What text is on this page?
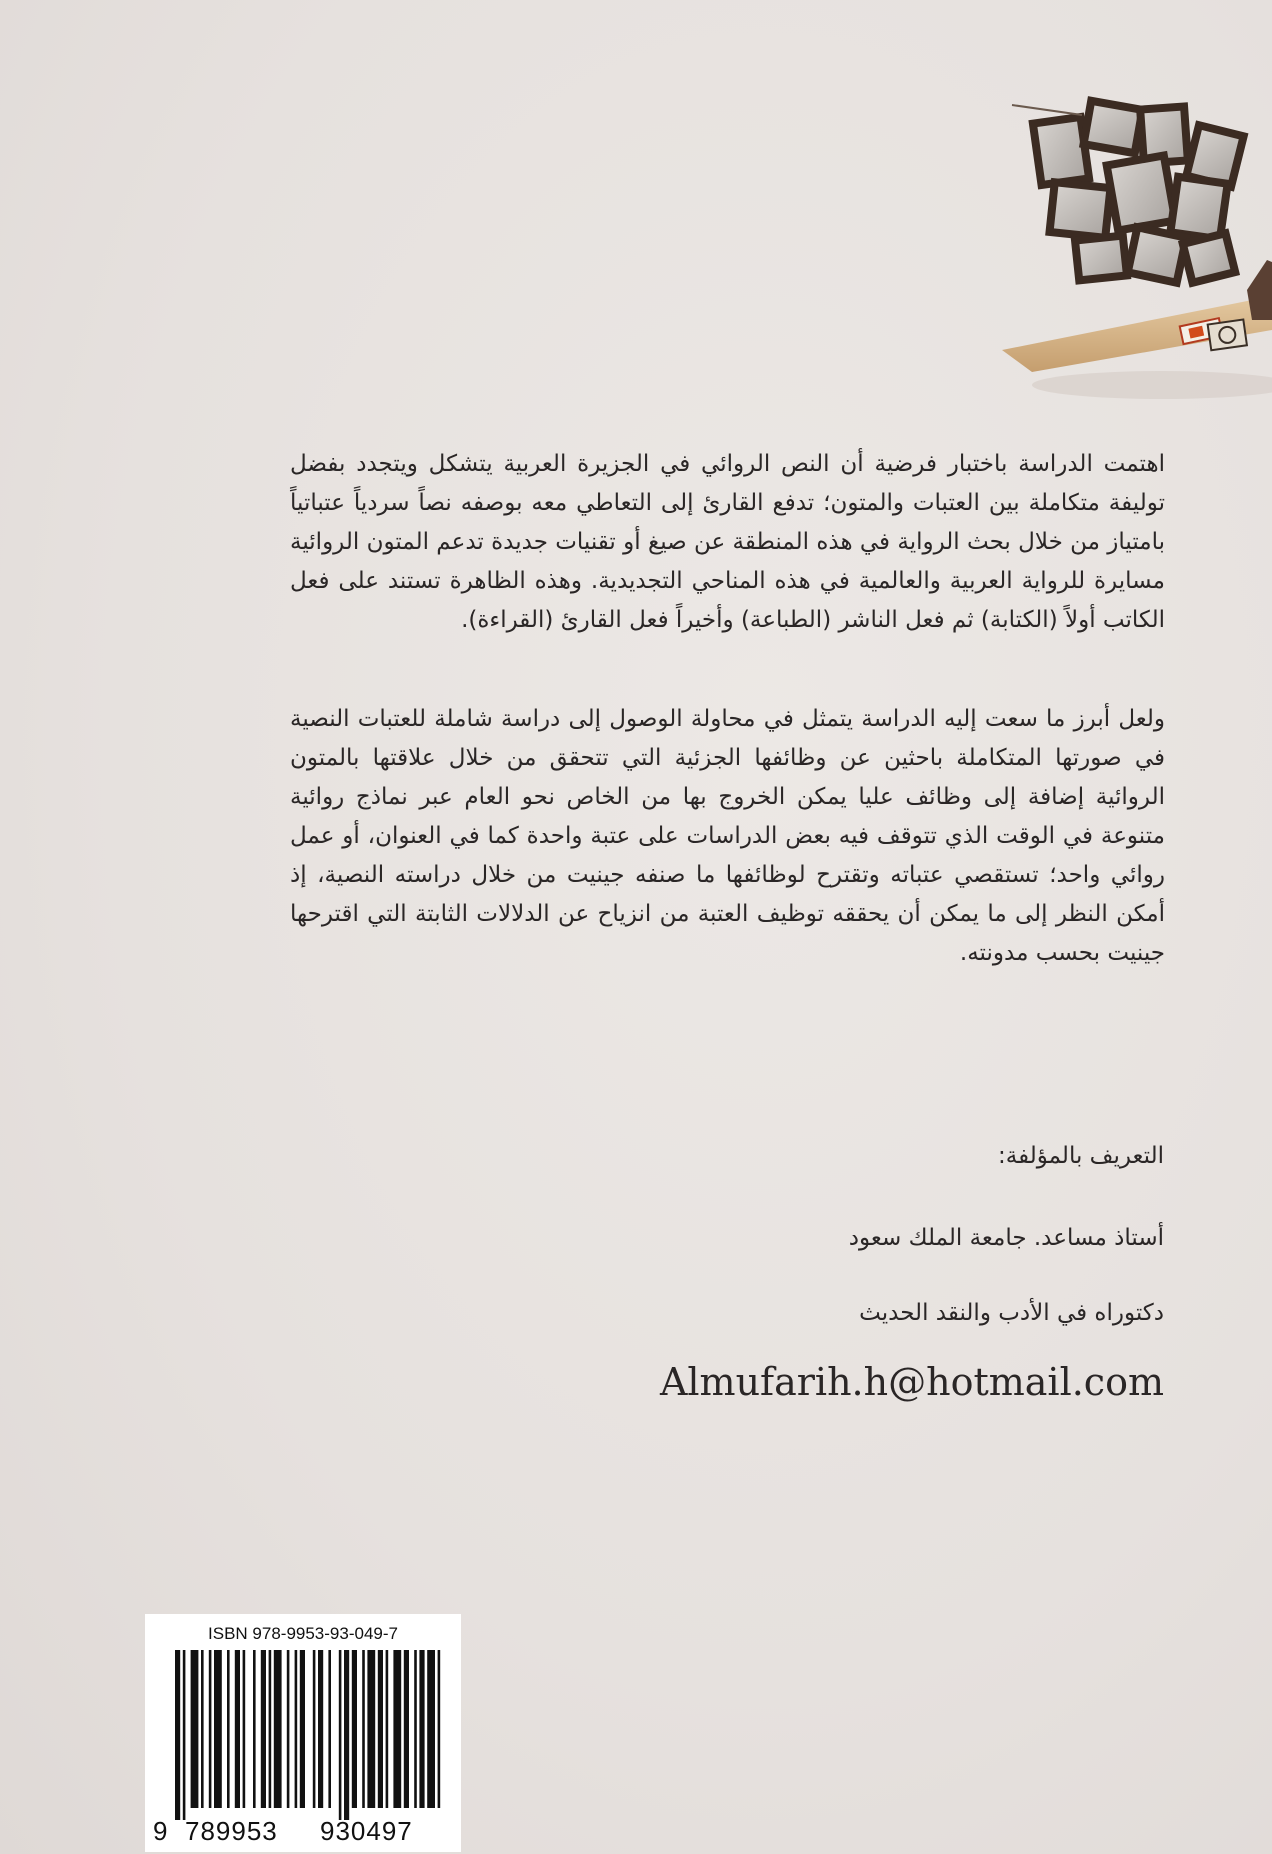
اهتمت الدراسة باختبار فرضية أن النص الروائي في الجزيرة العربية يتشكل ويتجدد بفضل توليفة متكاملة بين العتبات والمتون؛ تدفع القارئ إلى التعاطي معه بوصفه نصاً سردياً عتباتياً بامتياز من خلال بحث الرواية في هذه المنطقة عن صيغ أو تقنيات جديدة تدعم المتون الروائية مسايرة للرواية العربية والعالمية في هذه المناحي التجديدية. وهذه الظاهرة تستند على فعل الكاتب أولاً (الكتابة) ثم فعل الناشر (الطباعة) وأخيراً فعل القارئ (القراءة).
ولعل أبرز ما سعت إليه الدراسة يتمثل في محاولة الوصول إلى دراسة شاملة للعتبات النصية في صورتها المتكاملة باحثين عن وظائفها الجزئية التي تتحقق من خلال علاقتها بالمتون الروائية إضافة إلى وظائف عليا يمكن الخروج بها من الخاص نحو العام عبر نماذج روائية متنوعة في الوقت الذي تتوقف فيه بعض الدراسات على عتبة واحدة كما في العنوان، أو عمل روائي واحد؛ تستقصي عتباته وتقترح لوظائفها ما صنفه جينيت من خلال دراسته النصية، إذ أمكن النظر إلى ما يمكن أن يحققه توظيف العتبة من انزياح عن الدلالات الثابتة التي اقترحها جينيت بحسب مدونته.
التعريف بالمؤلفة:
أستاذ مساعد. جامعة الملك سعود
دكتوراه في الأدب والنقد الحديث
Almufarih.h@hotmail.com
ISBN 978-9953-93-049-7
9 789953 930497
